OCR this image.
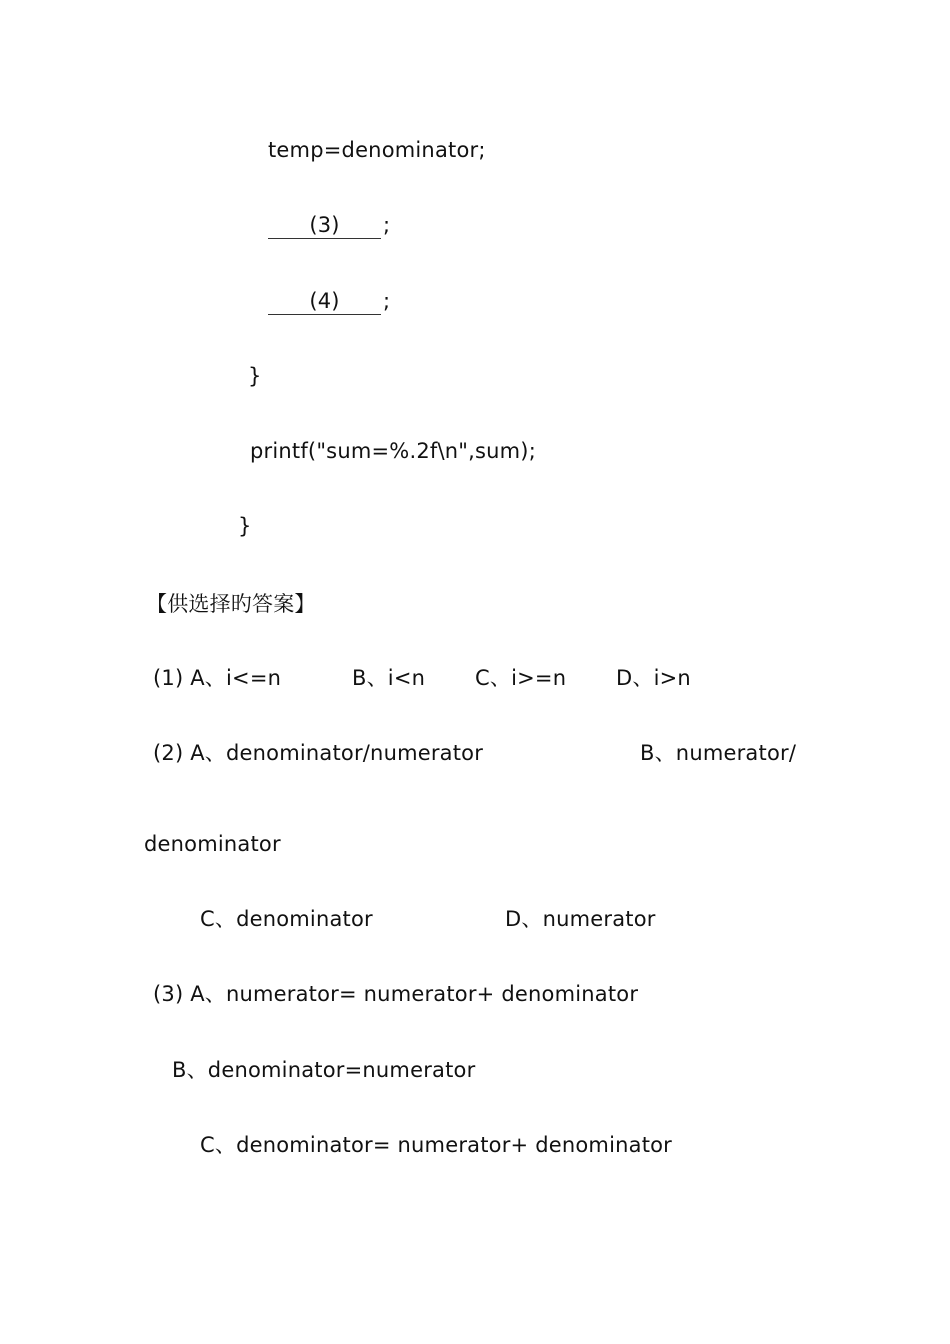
temp=denominator;
(3) ;
(4) ;
}
printf("sum=%.2f\n",sum);
}
【供选择旳答案】
(1) A、i<=n	B、i<n C、i>=n D、i>n
(2) A、denominator/numerator	B、numerator/
denominator
C、denominator	D、numerator
(3) A、numerator= numerator+ denominator
B、denominator=numerator
C、denominator= numerator+ denominator
